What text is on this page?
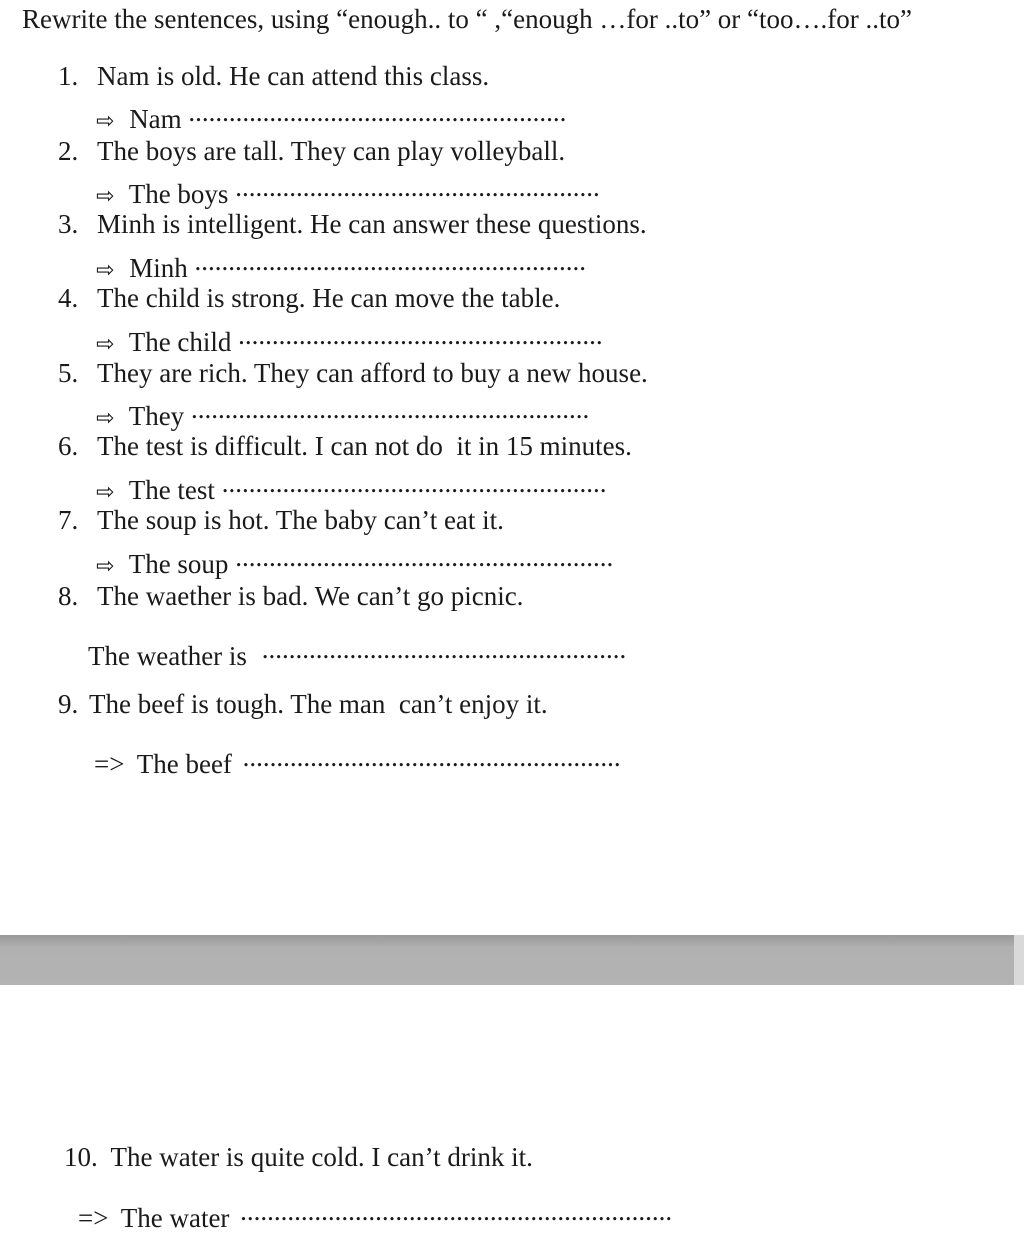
Rewrite the sentences, using “enough.. to “ ,“enough …for ..to” or “too….for ..to”
1. Nam is old. He can attend this class.
⇨ Nam ........................................................
2. The boys are tall. They can play volleyball.
⇨ The boys ......................................................
3. Minh is intelligent. He can answer these questions.
⇨ Minh ..........................................................
4. The child is strong. He can move the table.
⇨ The child ......................................................
5. They are rich. They can afford to buy a new house.
⇨ They ...........................................................
6. The test is difficult. I can not do  it in 15 minutes.
⇨ The test .........................................................
7. The soup is hot. The baby can’t eat it.
⇨ The soup ........................................................
8. The waether is bad. We can’t go picnic.
The weather is ......................................................
9. The beef is tough. The man  can’t enjoy it.
=> The beef ........................................................
10. The water is quite cold. I can’t drink it.
=> The water ................................................................
